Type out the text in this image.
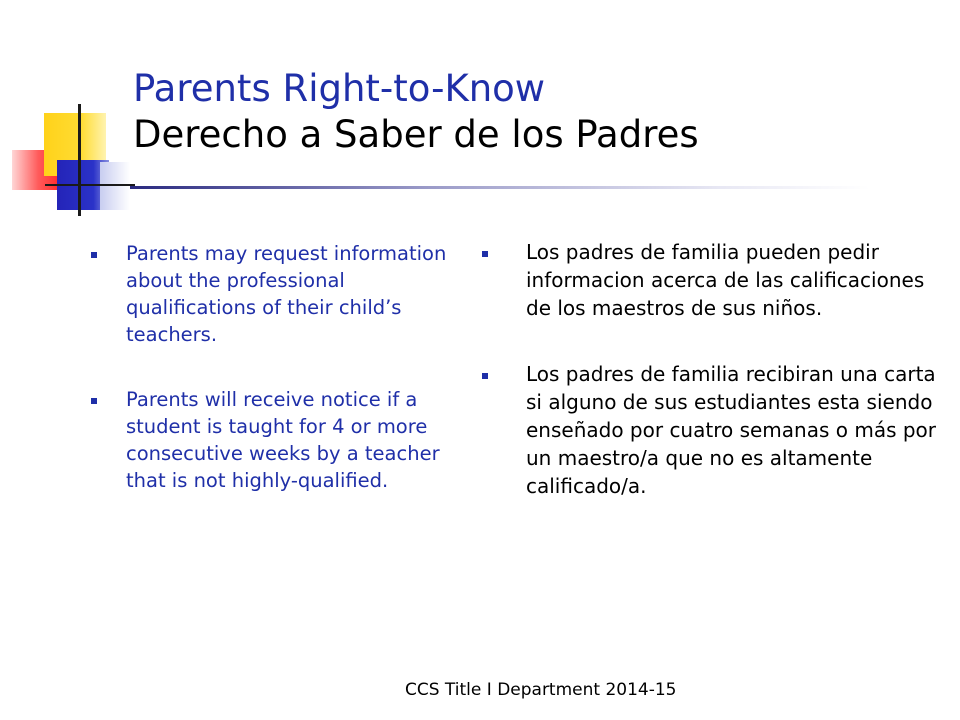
Parents Right-to-Know
Derecho a Saber de los Padres
Parents may request information about the professional qualifications of their child’s teachers.
Parents will receive notice if a student is taught for 4 or more consecutive weeks by a teacher that is not highly-qualified.
Los padres de familia pueden pedir informacion acerca de las calificaciones de los maestros de sus niños.
Los padres de familia recibiran una carta si alguno de sus estudiantes esta siendo enseñado por cuatro semanas o más por un maestro/a que no es altamente calificado/a.
CCS Title I Department 2014-15
